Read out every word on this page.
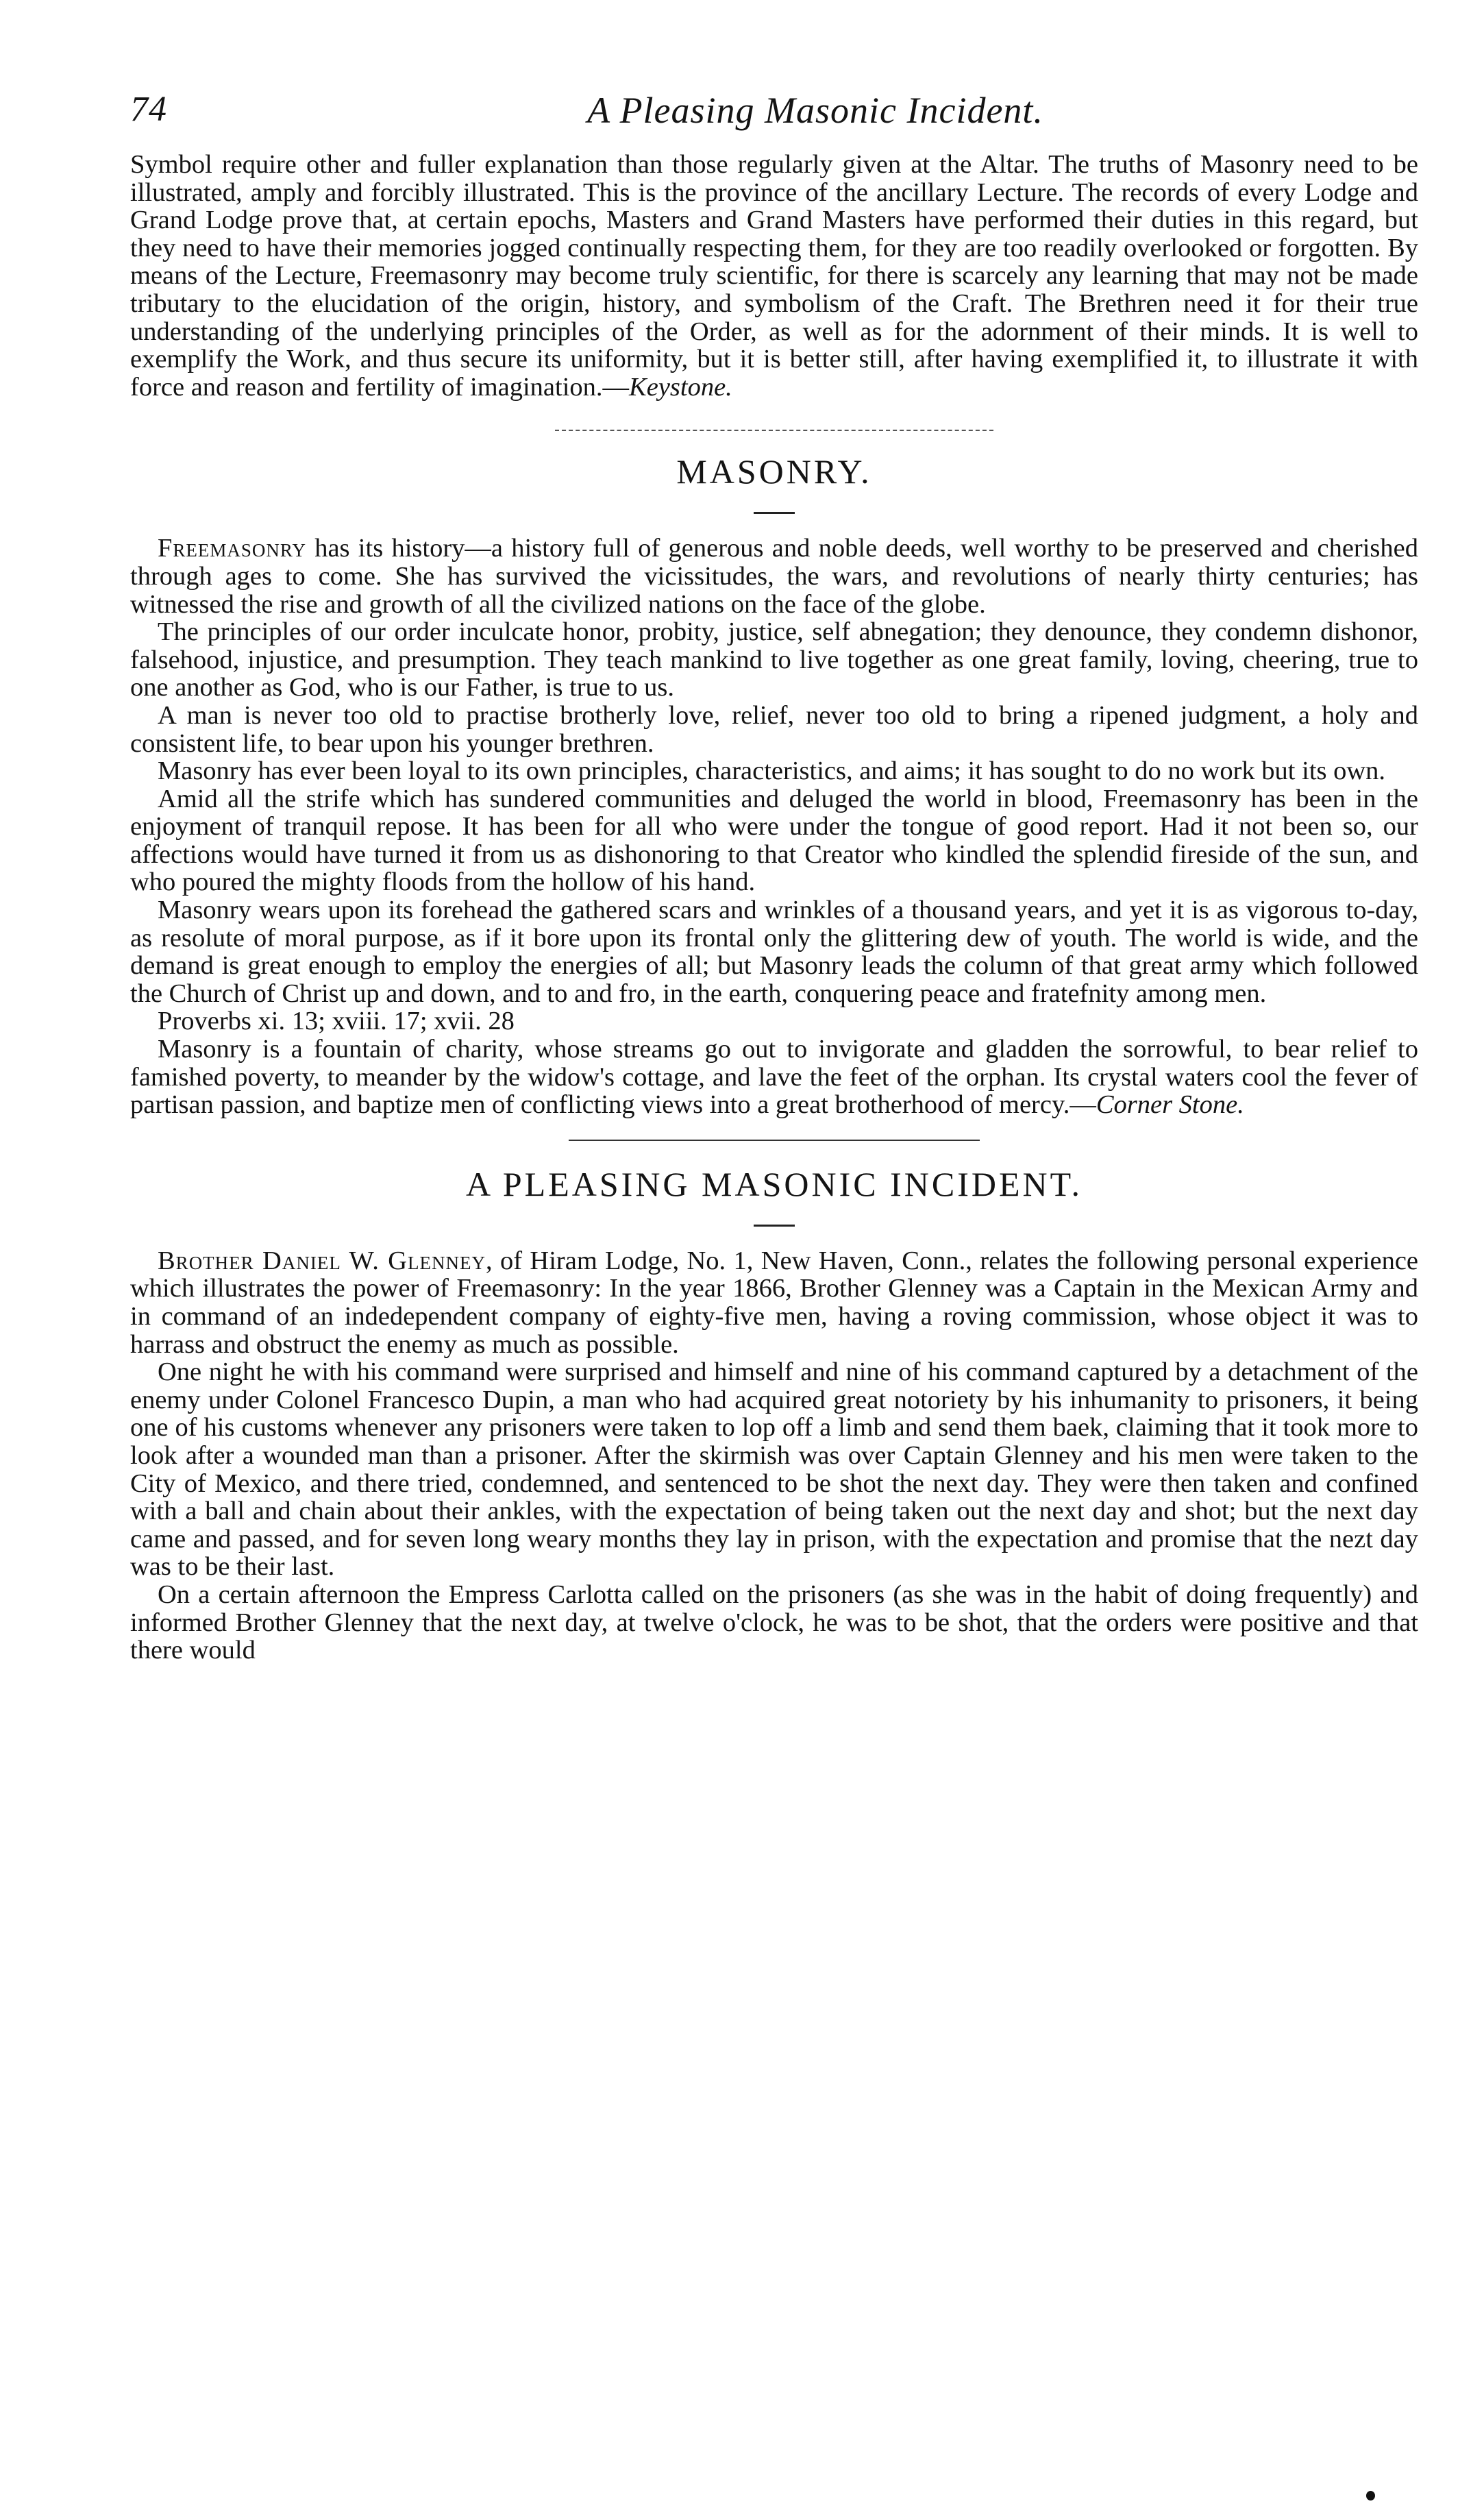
74	A Pleasing Masonic Incident.

Symbol require other and fuller explanation than those regularly given at the Altar. The truths of Masonry need to be illustrated, amply and forcibly illustrated. This is the province of the ancillary Lecture. The records of every Lodge and Grand Lodge prove that, at certain epochs, Masters and Grand Masters have performed their duties in this regard, but they need to have their memories jogged continually respecting them, for they are too readily overlooked or forgotten. By means of the Lecture, Freemasonry may become truly scientific, for there is scarcely any learning that may not be made tributary to the elucidation of the origin, history, and symbolism of the Craft. The Brethren need it for their true understanding of the underlying principles of the Order, as well as for the adornment of their minds. It is well to exemplify the Work, and thus secure its uniformity, but it is better still, after having exemplified it, to illustrate it with force and reason and fertility of imagination.—Keystone.

MASONRY.

Freemasonry has its history—a history full of generous and noble deeds, well worthy to be preserved and cherished through ages to come. She has survived the vicissitudes, the wars, and revolutions of nearly thirty centuries; has witnessed the rise and growth of all the civilized nations on the face of the globe.

The principles of our order inculcate honor, probity, justice, self abnegation; they denounce, they condemn dishonor, falsehood, injustice, and presumption. They teach mankind to live together as one great family, loving, cheering, true to one another as God, who is our Father, is true to us.

A man is never too old to practise brotherly love, relief, never too old to bring a ripened judgment, a holy and consistent life, to bear upon his younger brethren.

Masonry has ever been loyal to its own principles, characteristics, and aims; it has sought to do no work but its own.

Amid all the strife which has sundered communities and deluged the world in blood, Freemasonry has been in the enjoyment of tranquil repose. It has been for all who were under the tongue of good report. Had it not been so, our affections would have turned it from us as dishonoring to that Creator who kindled the splendid fireside of the sun, and who poured the mighty floods from the hollow of his hand.

Masonry wears upon its forehead the gathered scars and wrinkles of a thousand years, and yet it is as vigorous to-day, as resolute of moral purpose, as if it bore upon its frontal only the glittering dew of youth. The world is wide, and the demand is great enough to employ the energies of all; but Masonry leads the column of that great army which followed the Church of Christ up and down, and to and fro, in the earth, conquering peace and fratefnity among men.

Proverbs xi. 13; xviii. 17; xvii. 28

Masonry is a fountain of charity, whose streams go out to invigorate and gladden the sorrowful, to bear relief to famished poverty, to meander by the widow's cottage, and lave the feet of the orphan. Its crystal waters cool the fever of partisan passion, and baptize men of conflicting views into a great brotherhood of mercy.—Corner Stone.

A PLEASING MASONIC INCIDENT.

Brother Daniel W. Glenney, of Hiram Lodge, No. 1, New Haven, Conn., relates the following personal experience which illustrates the power of Freemasonry: In the year 1866, Brother Glenney was a Captain in the Mexican Army and in command of an indedependent company of eighty-five men, having a roving commission, whose object it was to harrass and obstruct the enemy as much as possible.

One night he with his command were surprised and himself and nine of his command captured by a detachment of the enemy under Colonel Francesco Dupin, a man who had acquired great notoriety by his inhumanity to prisoners, it being one of his customs whenever any prisoners were taken to lop off a limb and send them baek, claiming that it took more to look after a wounded man than a prisoner. After the skirmish was over Captain Glenney and his men were taken to the City of Mexico, and there tried, condemned, and sentenced to be shot the next day. They were then taken and confined with a ball and chain about their ankles, with the expectation of being taken out the next day and shot; but the next day came and passed, and for seven long weary months they lay in prison, with the expectation and promise that the nezt day was to be their last.

On a certain afternoon the Empress Carlotta called on the prisoners (as she was in the habit of doing frequently) and informed Brother Glenney that the next day, at twelve o'clock, he was to be shot, that the orders were positive and that there would
